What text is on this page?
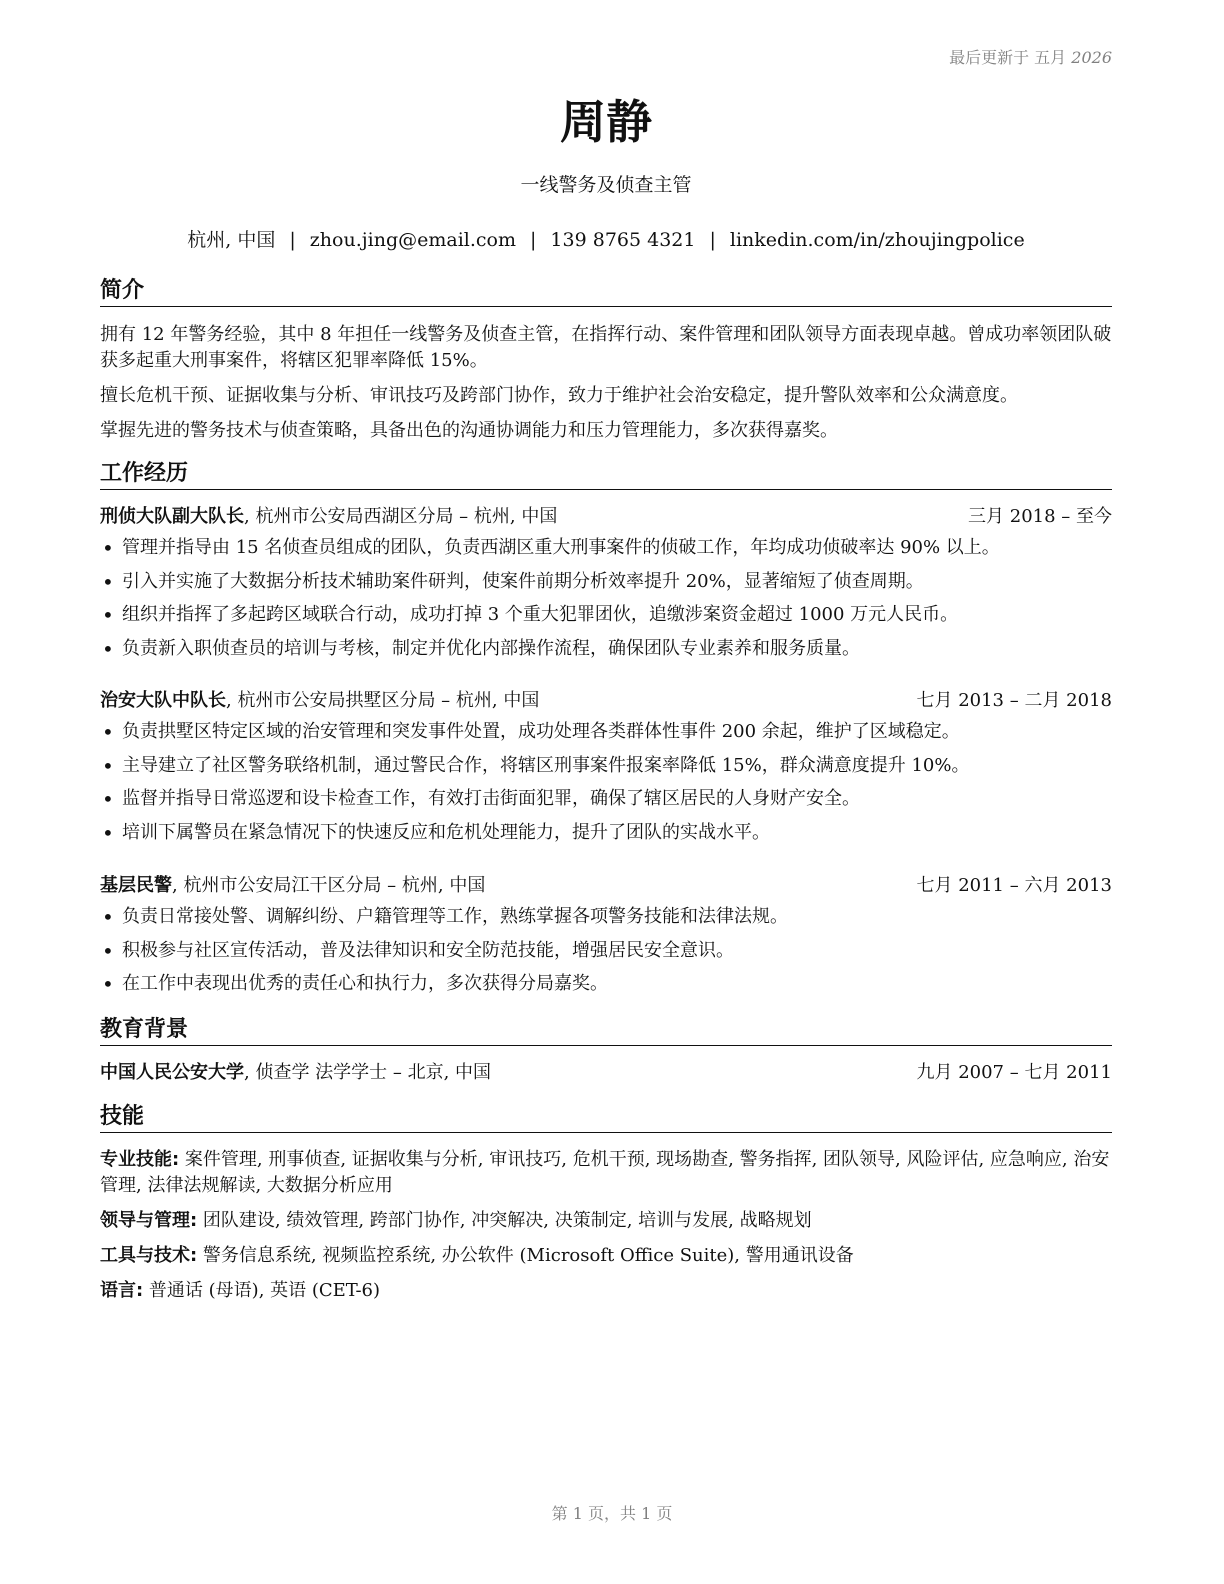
最后更新于 五月 2026
周静
一线警务及侦查主管
杭州, 中国 | zhou.jing@email.com | 139 8765 4321 | linkedin.com/in/zhoujingpolice
简介
拥有 12 年警务经验，其中 8 年担任一线警务及侦查主管，在指挥行动、案件管理和团队领导方面表现卓越。曾成功率领团队破获多起重大刑事案件，将辖区犯罪率降低 15%。
擅长危机干预、证据收集与分析、审讯技巧及跨部门协作，致力于维护社会治安稳定，提升警队效率和公众满意度。
掌握先进的警务技术与侦查策略，具备出色的沟通协调能力和压力管理能力，多次获得嘉奖。
工作经历
刑侦大队副大队长, 杭州市公安局西湖区分局 – 杭州, 中国	三月 2018 – 至今
• 管理并指导由 15 名侦查员组成的团队，负责西湖区重大刑事案件的侦破工作，年均成功侦破率达 90% 以上。
• 引入并实施了大数据分析技术辅助案件研判，使案件前期分析效率提升 20%，显著缩短了侦查周期。
• 组织并指挥了多起跨区域联合行动，成功打掉 3 个重大犯罪团伙，追缴涉案资金超过 1000 万元人民币。
• 负责新入职侦查员的培训与考核，制定并优化内部操作流程，确保团队专业素养和服务质量。
治安大队中队长, 杭州市公安局拱墅区分局 – 杭州, 中国	七月 2013 – 二月 2018
• 负责拱墅区特定区域的治安管理和突发事件处置，成功处理各类群体性事件 200 余起，维护了区域稳定。
• 主导建立了社区警务联络机制，通过警民合作，将辖区刑事案件报案率降低 15%，群众满意度提升 10%。
• 监督并指导日常巡逻和设卡检查工作，有效打击街面犯罪，确保了辖区居民的人身财产安全。
• 培训下属警员在紧急情况下的快速反应和危机处理能力，提升了团队的实战水平。
基层民警, 杭州市公安局江干区分局 – 杭州, 中国	七月 2011 – 六月 2013
• 负责日常接处警、调解纠纷、户籍管理等工作，熟练掌握各项警务技能和法律法规。
• 积极参与社区宣传活动，普及法律知识和安全防范技能，增强居民安全意识。
• 在工作中表现出优秀的责任心和执行力，多次获得分局嘉奖。
教育背景
中国人民公安大学, 侦查学 法学学士 – 北京, 中国	九月 2007 – 七月 2011
技能
专业技能: 案件管理, 刑事侦查, 证据收集与分析, 审讯技巧, 危机干预, 现场勘查, 警务指挥, 团队领导, 风险评估, 应急响应, 治安管理, 法律法规解读, 大数据分析应用
领导与管理: 团队建设, 绩效管理, 跨部门协作, 冲突解决, 决策制定, 培训与发展, 战略规划
工具与技术: 警务信息系统, 视频监控系统, 办公软件 (Microsoft Office Suite), 警用通讯设备
语言: 普通话 (母语), 英语 (CET-6)
第 1 页，共 1 页
